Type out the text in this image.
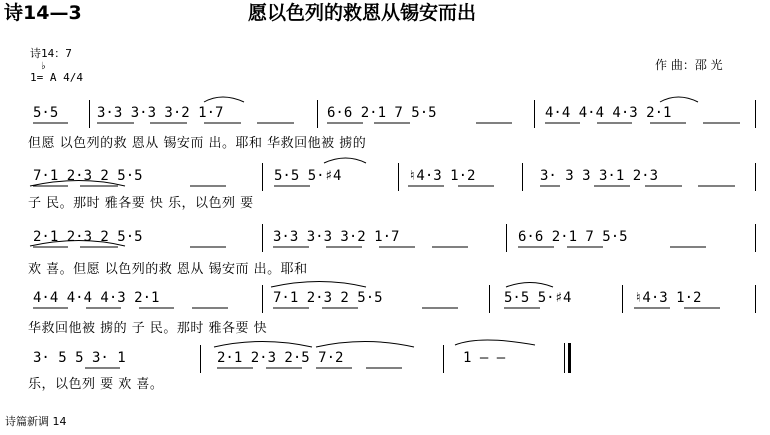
诗14—3	愿以色列的救恩从锡安而出
诗14：7
♭
1= A 4/4
作 曲：邵 光
5·5	3·3 3·3 3·2 1·7	6·6 2·1 7 5·5	4·4 4·4 4·3 2·1
但愿 以色列的救 恩从 锡安而 出。耶和 华救回他被 掳的
7·1 2·3 2 5·5	5·5 5·♯4	♮4·3 1·2	3· 3 3 3·1 2·3
子 民。那时 雅各要 快 乐，以色列 要
2·1 2·3 2 5·5	3·3 3·3 3·2 1·7	6·6 2·1 7 5·5
欢 喜。但愿 以色列的救 恩从 锡安而 出。耶和
4·4 4·4 4·3 2·1	7·1 2·3 2 5·5	5·5 5·♯4	♮4·3 1·2
华救回他被 掳的 子 民。那时 雅各要 快
3· 5 5 3· 1	2·1 2·3 2·5 7·2	1 – –
乐，以色列 要 欢 喜。
诗篇新调 14
